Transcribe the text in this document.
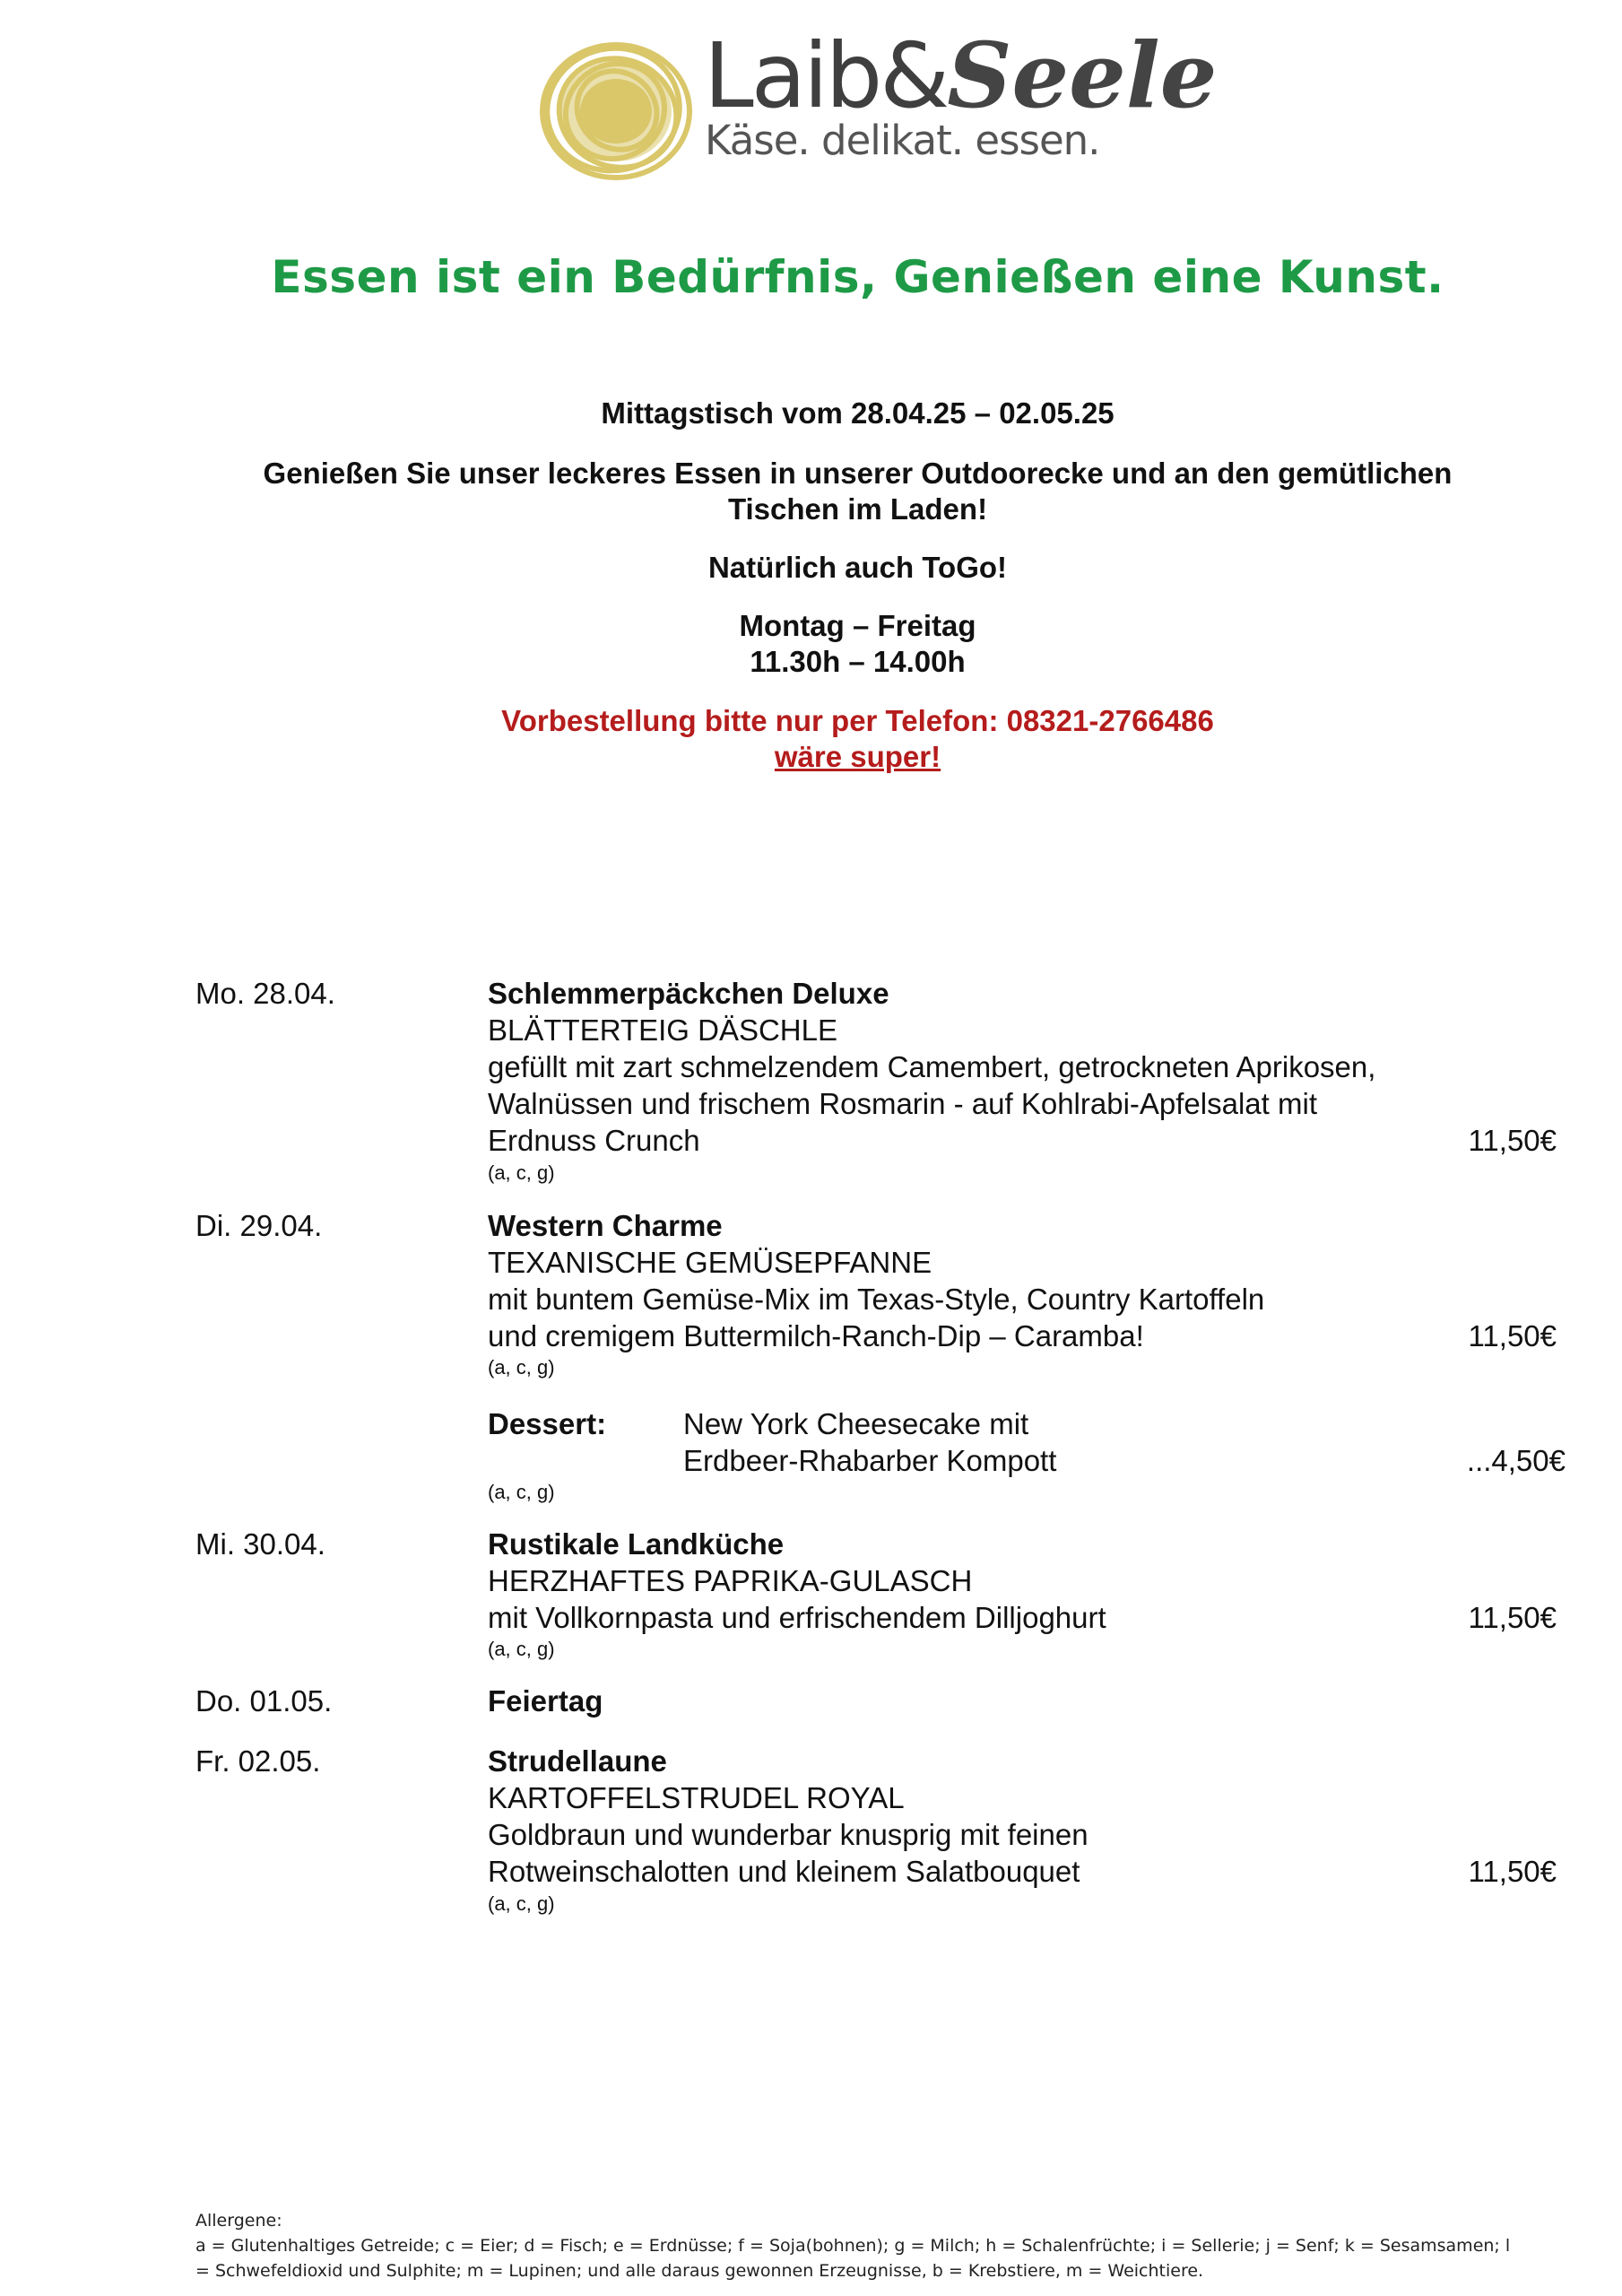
Laib&Seele
Käse. delikat. essen.
Essen ist ein Bedürfnis, Genießen eine Kunst.
Mittagstisch vom 28.04.25 – 02.05.25
Genießen Sie unser leckeres Essen in unserer Outdoorecke und an den gemütlichen
Tischen im Laden!
Natürlich auch ToGo!
Montag – Freitag
11.30h – 14.00h
Vorbestellung bitte nur per Telefon: 08321-2766486
wäre super!
Mo. 28.04.	Schlemmerpäckchen Deluxe
BLÄTTERTEIG DÄSCHLE
gefüllt mit zart schmelzendem Camembert, getrockneten Aprikosen,
Walnüssen und frischem Rosmarin - auf Kohlrabi-Apfelsalat mit
Erdnuss Crunch	11,50€
(a, c, g)
Di. 29.04.	Western Charme
TEXANISCHE GEMÜSEPFANNE
mit buntem Gemüse-Mix im Texas-Style, Country Kartoffeln
und cremigem Buttermilch-Ranch-Dip – Caramba!	11,50€
(a, c, g)
Dessert:	New York Cheesecake mit
Erdbeer-Rhabarber Kompott	...4,50€
(a, c, g)
Mi. 30.04.	Rustikale Landküche
HERZHAFTES PAPRIKA-GULASCH
mit Vollkornpasta und erfrischendem Dilljoghurt	11,50€
(a, c, g)
Do. 01.05.	Feiertag
Fr. 02.05.	Strudellaune
KARTOFFELSTRUDEL ROYAL
Goldbraun und wunderbar knusprig mit feinen
Rotweinschalotten und kleinem Salatbouquet	11,50€
(a, c, g)
Allergene:
a = Glutenhaltiges Getreide; c = Eier; d = Fisch; e = Erdnüsse; f = Soja(bohnen); g = Milch; h = Schalenfrüchte; i = Sellerie; j = Senf; k = Sesamsamen; l
= Schwefeldioxid und Sulphite; m = Lupinen; und alle daraus gewonnen Erzeugnisse, b = Krebstiere, m = Weichtiere.
